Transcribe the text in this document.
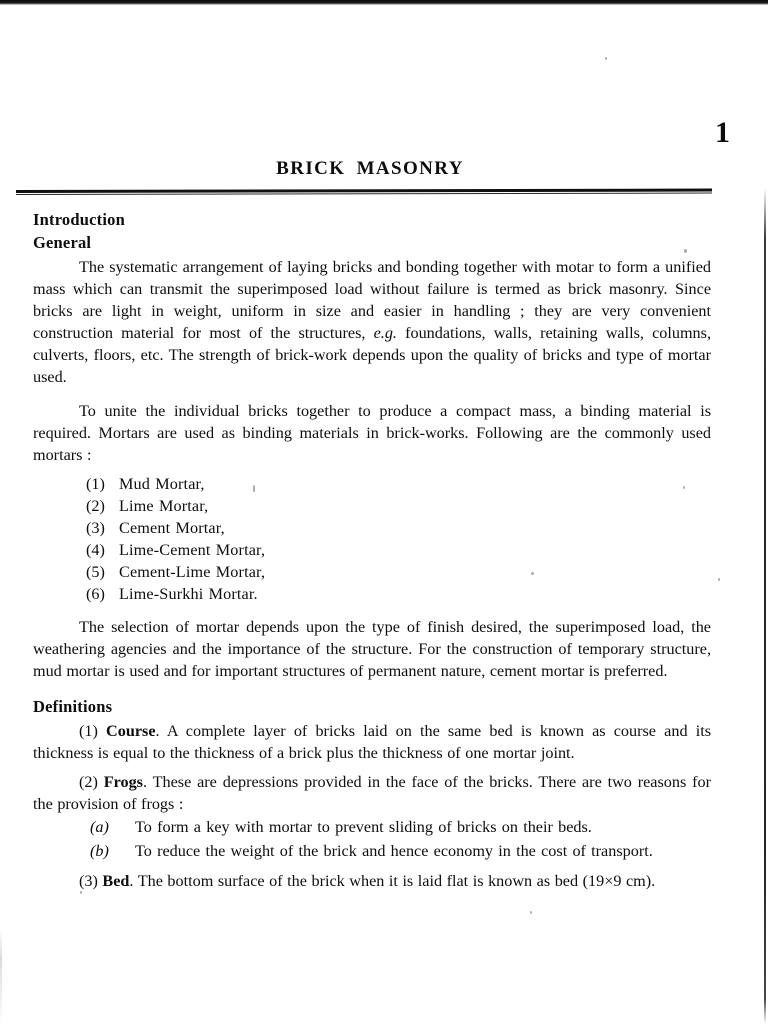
1
BRICK MASONRY
Introduction
General

The systematic arrangement of laying bricks and bonding together with motar to form a unified mass which can transmit the superimposed load without failure is termed as brick masonry. Since bricks are light in weight, uniform in size and easier in handling ; they are very convenient construction material for most of the structures, e.g. foundations, walls, retaining walls, columns, culverts, floors, etc. The strength of brick-work depends upon the quality of bricks and type of mortar used.

To unite the individual bricks together to produce a compact mass, a binding material is required. Mortars are used as binding materials in brick-works. Following are the commonly used mortars :

(1) Mud Mortar,
(2) Lime Mortar,
(3) Cement Mortar,
(4) Lime-Cement Mortar,
(5) Cement-Lime Mortar,
(6) Lime-Surkhi Mortar.

The selection of mortar depends upon the type of finish desired, the superimposed load, the weathering agencies and the importance of the structure. For the construction of temporary structure, mud mortar is used and for important structures of permanent nature, cement mortar is preferred.

Definitions

(1) Course. A complete layer of bricks laid on the same bed is known as course and its thickness is equal to the thickness of a brick plus the thickness of one mortar joint.

(2) Frogs. These are depressions provided in the face of the bricks. There are two reasons for the provision of frogs :

(a)	To form a key with mortar to prevent sliding of bricks on their beds.
(b)	To reduce the weight of the brick and hence economy in the cost of transport.

(3) Bed. The bottom surface of the brick when it is laid flat is known as bed (19×9 cm).
